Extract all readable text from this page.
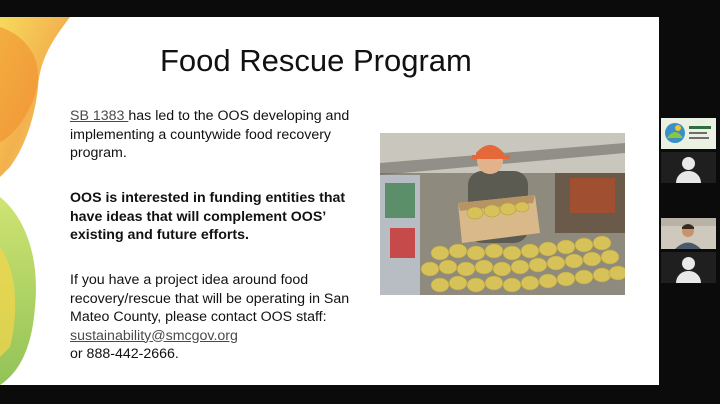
Food Rescue Program
SB 1383 has led to the OOS developing and implementing a countywide food recovery program.
OOS is interested in funding entities that have ideas that will complement OOS’ existing and future efforts.
If you have a project idea around food recovery/rescue that will be operating in San Mateo County, please contact OOS staff: sustainability@smcgov.org
or 888-442-2666.
